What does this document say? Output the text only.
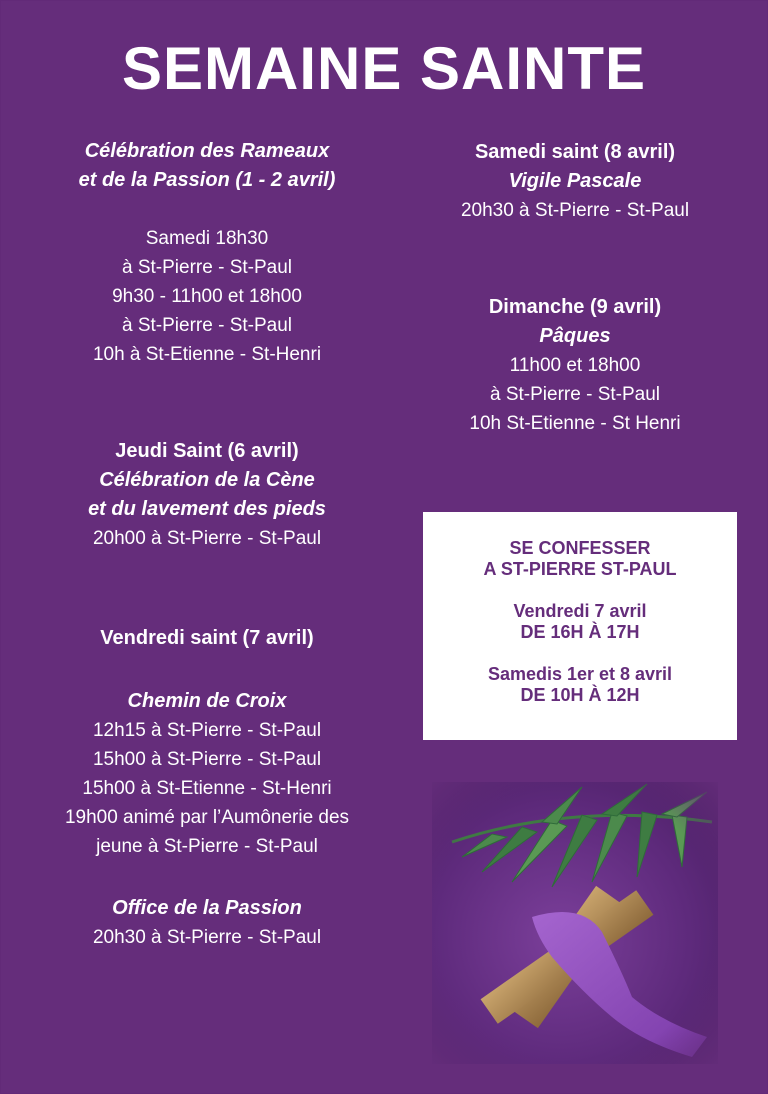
SEMAINE SAINTE
Célébration des Rameaux
et de la Passion (1 - 2 avril)
Samedi 18h30
à St-Pierre - St-Paul
9h30 - 11h00 et 18h00
à St-Pierre - St-Paul
10h à St-Etienne - St-Henri
Jeudi Saint (6 avril)
Célébration de la Cène
et du lavement des pieds
20h00 à St-Pierre - St-Paul
Vendredi saint (7 avril)
Chemin de Croix
12h15 à St-Pierre - St-Paul
15h00 à St-Pierre - St-Paul
15h00 à St-Etienne - St-Henri
19h00 animé par l’Aumônerie des
jeune à St-Pierre - St-Paul
Office de la Passion
20h30 à St-Pierre - St-Paul
Samedi saint (8 avril)
Vigile Pascale
20h30 à St-Pierre - St-Paul
Dimanche (9 avril)
Pâques
11h00 et 18h00
à St-Pierre - St-Paul
10h St-Etienne - St Henri
SE CONFESSER
A ST-PIERRE ST-PAUL
Vendredi 7 avril
DE 16H À 17H
Samedis 1er et 8 avril
DE 10H À 12H
